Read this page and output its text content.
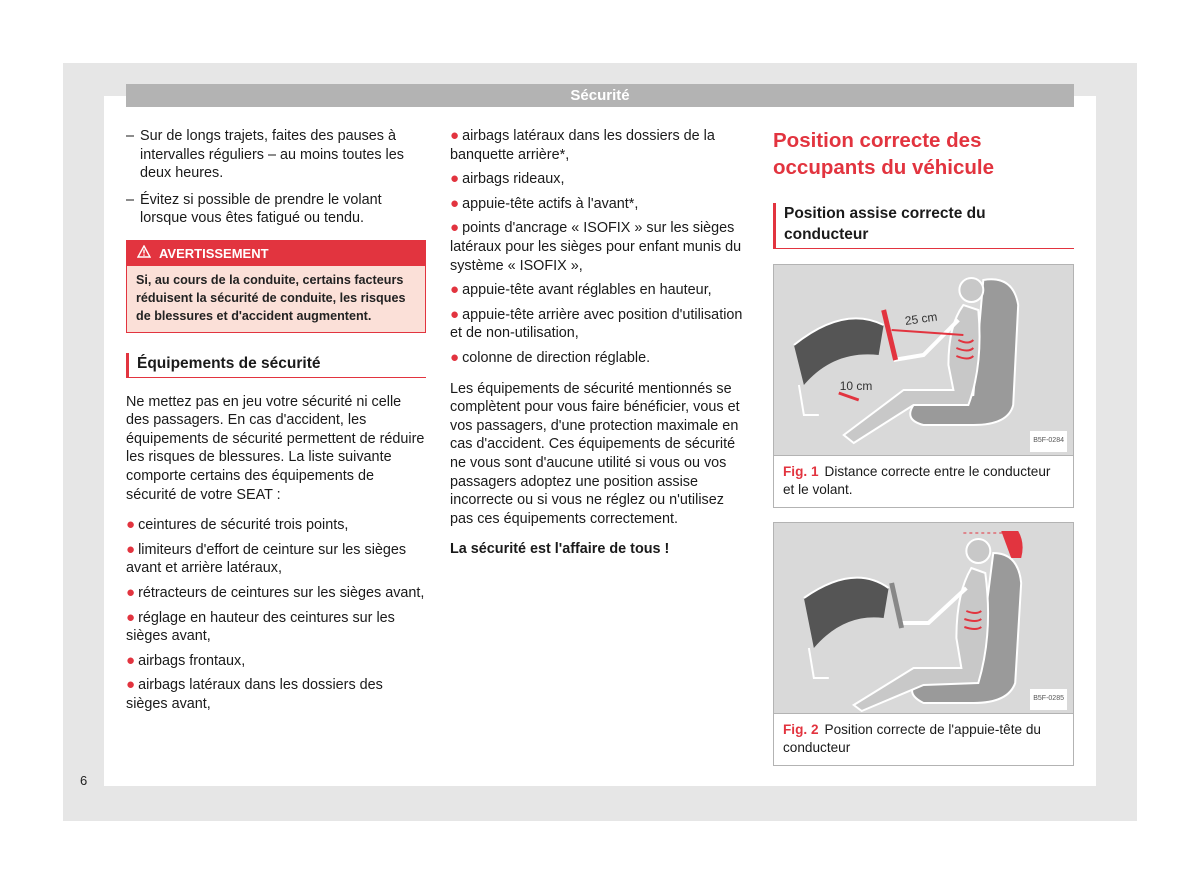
Sécurité
– Sur de longs trajets, faites des pauses à intervalles réguliers – au moins toutes les deux heures.
– Évitez si possible de prendre le volant lorsque vous êtes fatigué ou tendu.
AVERTISSEMENT
Si, au cours de la conduite, certains facteurs réduisent la sécurité de conduite, les risques de blessures et d'accident augmentent.
Équipements de sécurité
Ne mettez pas en jeu votre sécurité ni celle des passagers. En cas d'accident, les équipements de sécurité permettent de réduire les risques de blessures. La liste suivante comporte certains des équipements de sécurité de votre SEAT :
● ceintures de sécurité trois points,
● limiteurs d'effort de ceinture sur les sièges avant et arrière latéraux,
● rétracteurs de ceintures sur les sièges avant,
● réglage en hauteur des ceintures sur les sièges avant,
● airbags frontaux,
● airbags latéraux dans les dossiers des sièges avant,
● airbags latéraux dans les dossiers de la banquette arrière*,
● airbags rideaux,
● appuie-tête actifs à l'avant*,
● points d'ancrage « ISOFIX » sur les sièges latéraux pour les sièges pour enfant munis du système « ISOFIX »,
● appuie-tête avant réglables en hauteur,
● appuie-tête arrière avec position d'utilisation et de non-utilisation,
● colonne de direction réglable.
Les équipements de sécurité mentionnés se complètent pour vous faire bénéficier, vous et vos passagers, d'une protection maximale en cas d'accident. Ces équipements de sécurité ne vous sont d'aucune utilité si vous ou vos passagers adoptez une position assise incorrecte ou si vous ne réglez ou n'utilisez pas ces équipements correctement.
La sécurité est l'affaire de tous !
Position correcte des occupants du véhicule
Position assise correcte du conducteur
25 cm
10 cm
B5F-0284
Fig. 1 Distance correcte entre le conducteur et le volant.
B5F-0285
Fig. 2 Position correcte de l'appuie-tête du conducteur
6
